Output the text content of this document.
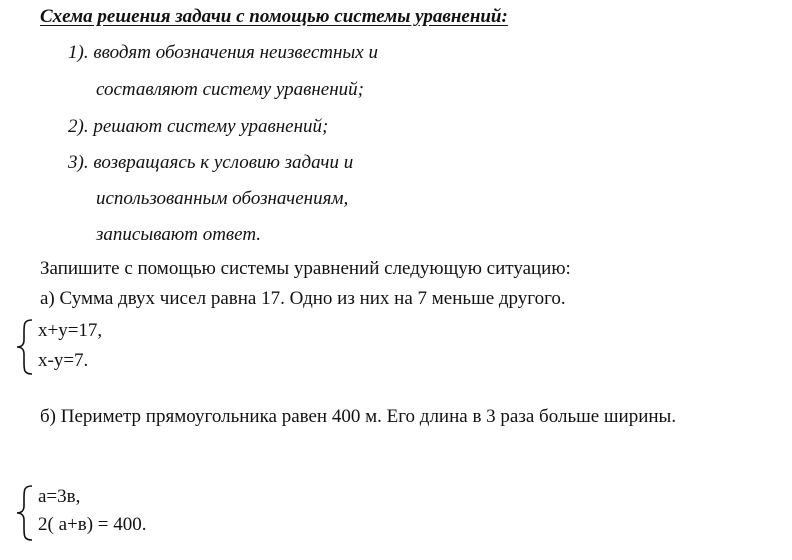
Схема решения задачи с помощью системы уравнений:
1). вводят обозначения неизвестных и
составляют систему уравнений;
2). решают систему уравнений;
3). возвращаясь к условию задачи и
использованным обозначениям,
записывают ответ.
Запишите с помощью системы уравнений следующую ситуацию:
а) Сумма двух чисел равна 17. Одно из них на 7 меньше другого.
x+y=17,
x-y=7.
б) Периметр прямоугольника равен 400 м. Его длина в 3 раза больше ширины.
а=3в,
2( а+в) = 400.
